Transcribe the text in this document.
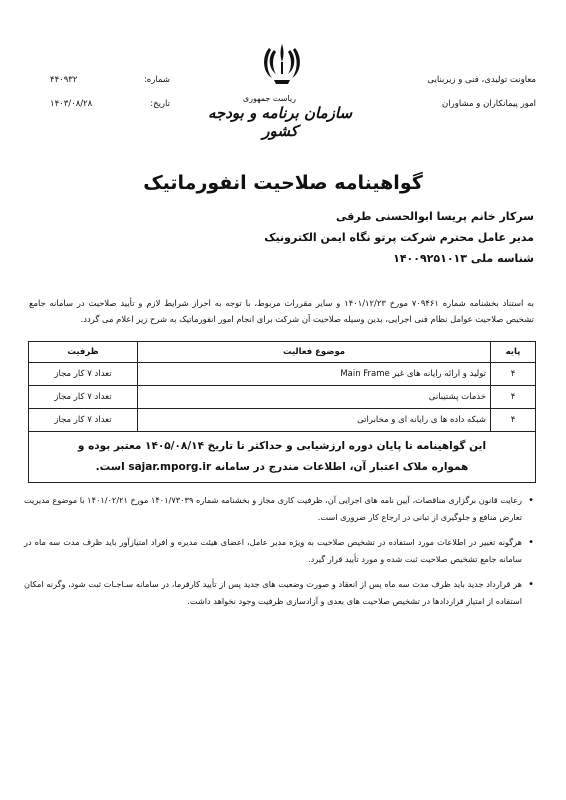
معاونت تولیدی، فنی و زیربنایی
امور پیمانکاران و مشاوران
شماره:
۴۴۰۹۳۲
تاریخ:
۱۴۰۳/۰۸/۲۸
ریاست جمهوری
سازمان برنامه و بودجه کشور
گواهینامه صلاحیت انفورماتیک
سرکار خانم پریسا ابوالحسنی طرقی
مدیر عامل محترم شرکت پرتو نگاه ایمن الکترونیک
شناسه ملی ۱۴۰۰۹۲۵۱۰۱۳
به استناد بخشنامه شماره ۷۰۹۴۶۱ مورخ ۱۴۰۱/۱۲/۲۳ و سایر مقررات مربوط، با توجه به احراز شرایط لازم و تأیید صلاحیت در سامانه جامع تشخیص صلاحیت عوامل نظام فنی اجرایی، بدین وسیله صلاحیت آن شرکت برای انجام امور انفورماتیک به شرح زیر اعلام می گردد.
پایه	موضوع فعالیت	ظرفیت
۴	تولید و ارائه رایانه های غیر Main Frame	تعداد ۷ کار مجاز
۴	خدمات پشتیبانی	تعداد ۷ کار مجاز
۴	شبکه داده ها ی رایانه ای و مخابراتی	تعداد ۷ کار مجاز

این گواهینامه تا پایان دوره ارزشیابی و حداکثر تا تاریخ ۱۴۰۵/۰۸/۱۴ معتبر بوده و
همواره ملاک اعتبار آن، اطلاعات مندرج در سامانه sajar.mporg.ir است.		
• رعایت قانون برگزاری مناقصات، آیین نامه های اجرایی آن، ظرفیت کاری مجاز و بخشنامه شماره ۱۴۰۱/۷۳۰۳۹ مورخ ۱۴۰۱/۰۲/۲۱ با موضوع مدیریت تعارض منافع و جلوگیری از تبانی در ارجاع کار ضروری است.
• هرگونه تغییر در اطلاعات مورد استفاده در تشخیص صلاحیت به ویژه مدیر عامل، اعضای هیئت مدیره و افراد امتیازآور باید ظرف مدت سه ماه در سامانه جامع تشخیص صلاحیت ثبت شده و مورد تأیید قرار گیرد.
• هر قرارداد جدید باید ظرف مدت سه ماه پس از انعقاد و صورت وضعیت های جدید پس از تأیید کارفرما، در سامانه سـاجـات ثبت شود، وگرنه امکان استفاده از امتیاز قراردادها در تشخیص صلاحیت های بعدی و آزادسازی ظرفیت وجود نخواهد داشت.
